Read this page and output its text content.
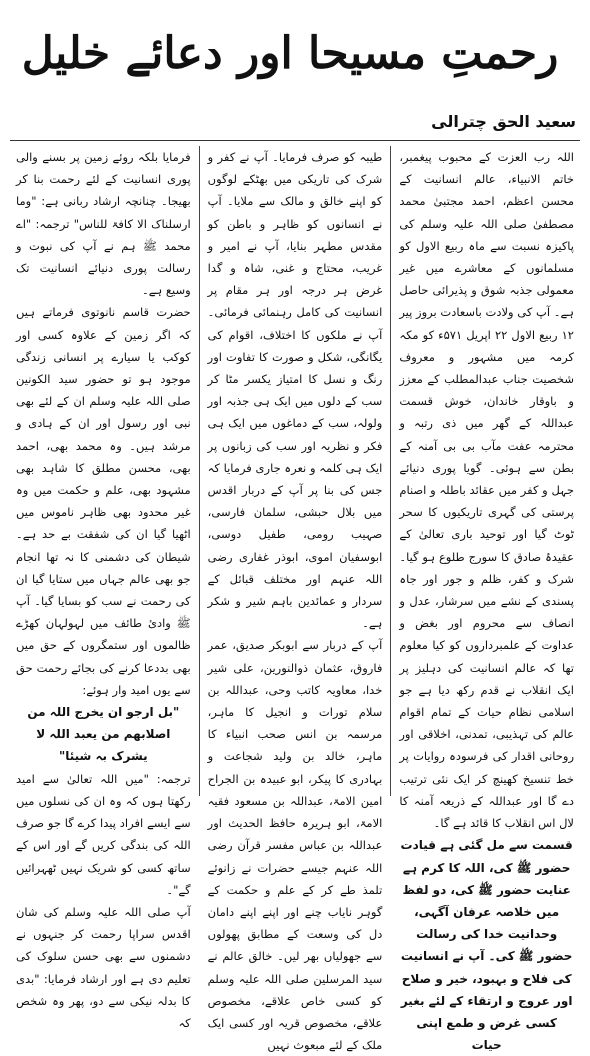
رحمتِ مسیحا اور دعائے خلیل
سعید الحق چترالی

اللہ رب العزت کے محبوب پیغمبر، خاتم الانبیاء، عالم انسانیت کے محسن اعظم، احمد مجتبیٰ محمد مصطفیٰ صلی اللہ علیہ وسلم کی پاکیزہ نسبت سے ماہ ربیع الاول کو مسلمانوں کے معاشرے میں غیر معمولی جذبہ شوق و پذیرائی حاصل ہے۔ آپ کی ولادت باسعادت بروز پیر ۱۲ ربیع الاول ۲۲ اپریل ۵۷۱ء کو مکہ کرمہ میں مشہور و معروف شخصیت جناب عبدالمطلب کے معزز و باوقار خاندان، خوش قسمت عبداللہ کے گھر میں ذی رتبہ و محترمہ عفت مآب بی بی آمنہ کے بطن سے ہوئی۔ گویا پوری دنیائے جہل و کفر میں عقائد باطلہ و اصنام پرستی کی گہری تاریکیوں کا سحر ٹوٹ گیا اور توحید باری تعالیٰ کے عقیدۂ صادق کا سورج طلوع ہو گیا۔ شرک و کفر، ظلم و جور اور جاہ پسندی کے نشے میں سرشار، عدل و انصاف سے محروم اور بغض و عداوت کے علمبرداروں کو کیا معلوم تھا کہ عالم انسانیت کی دہلیز پر ایک انقلاب نے قدم رکھ دیا ہے جو اسلامی نظام حیات کے تمام اقوام عالم کی تہذیبی، تمدنی، اخلاقی اور روحانی اقدار کی فرسودہ روایات پر خط تنسیخ کھینچ کر ایک نئی ترتیب دے گا اور عبداللہ کے ذریعہ آمنہ کا لال اس انقلاب کا قائد ہے گا۔

قسمت سے مل گئی ہے قیادت حضور ﷺ کی، اللہ کا کرم ہے عنایت حضور ﷺ کی، دو لفظ میں خلاصہ عرفان آگہی، وحدانیت خدا کی رسالت حضور ﷺ کی۔ آپ نے انسانیت کی فلاح و بہبود، خیر و صلاح اور عروج و ارتقاء کے لئے بغیر کسی غرض و طمع اپنی حیات

طیبہ کو صرف فرمایا۔ آپ نے کفر و شرک کی تاریکی میں بھٹکے لوگوں کو اپنے خالق و مالک سے ملایا۔ آپ نے انسانوں کو ظاہر و باطن کو مقدس مطہر بنایا، آپ نے امیر و غریب، محتاج و غنی، شاہ و گدا غرض ہر درجہ اور ہر مقام پر انسانیت کی کامل رہنمائی فرمائی۔ آپ نے ملکوں کا اختلاف، اقوام کی یگانگی، شکل و صورت کا تفاوت اور رنگ و نسل کا امتیاز یکسر مٹا کر سب کے دلوں میں ایک ہی جذبہ اور ولولہ، سب کے دماغوں میں ایک ہی فکر و نظریہ اور سب کی زبانوں پر ایک ہی کلمہ و نعرہ جاری فرمایا کہ جس کی بنا پر آپ کے دربار اقدس میں بلال حبشی، سلمان فارسی، صہیب رومی، طفیل دوسی، ابوسفیان اموی، ابوذر غفاری رضی اللہ عنہم اور مختلف قبائل کے سردار و عمائدین باہم شیر و شکر ہے۔

آپ کے دربار سے ابوبکر صدیق، عمر فاروق، عثمان ذوالنورین، علی شیر خدا، معاویہ کاتب وحی، عبداللہ بن سلام تورات و انجیل کا ماہر، مرسمہ بن انس صحب انبیاء کا ماہر، خالد بن ولید شجاعت و بہادری کا پیکر، ابو عبیدہ بن الجراح امین الامۃ، عبداللہ بن مسعود فقیہ الامۃ، ابو ہریرہ حافظ الحدیث اور عبداللہ بن عباس مفسر قرآن رضی اللہ عنہم جیسے حضرات نے زانوئے تلمذ طے کر کے علم و حکمت کے گوہر نایاب چنے اور اپنے اپنے دامان دل کی وسعت کے مطابق پھولوں سے جھولیاں بھر لیں۔ خالق عالم نے سید المرسلین صلی اللہ علیہ وسلم کو کسی خاص علاقے، مخصوص علاقے، مخصوص قریہ اور کسی ایک ملک کے لئے مبعوث نہیں

فرمایا بلکہ روئے زمین پر بسنے والی پوری انسانیت کے لئے رحمت بنا کر بھیجا۔ چنانچہ ارشاد ربانی ہے: "وما ارسلناک الا کافۃ للناس" ترجمہ: "اے محمد ﷺ ہم نے آپ کی نبوت و رسالت پوری دنیائے انسانیت تک وسیع ہے۔

حضرت قاسم نانوتوی فرماتے ہیں کہ اگر زمین کے علاوہ کسی اور کوکب یا سیارے پر انسانی زندگی موجود ہو تو حضور سید الکونین صلی اللہ علیہ وسلم ان کے لئے بھی نبی اور رسول اور ان کے ہادی و مرشد ہیں۔ وہ محمد بھی، احمد بھی، محسن مطلق کا شاہد بھی مشہود بھی، علم و حکمت میں وہ غیر محدود بھی ظاہر ناموس میں اٹھیا گیا ان کی شفقت بے حد ہے۔ شیطان کی دشمنی کا نہ تھا انجام جو بھی عالم جہاں میں ستایا گیا ان کی رحمت نے سب کو بسایا گیا۔ آپ ﷺ وادیٔ طائف میں لہولہان کھڑے ظالموں اور ستمگروں کے حق میں بھی بددعا کرنے کی بجائے رحمت حق سے یوں امید وار ہوئے:

"بل ارجو ان یخرج اللہ من اصلابھم من یعبد اللہ لا یشرک بہ شیئا"

ترجمہ: "میں اللہ تعالیٰ سے امید رکھتا ہوں کہ وہ ان کی نسلوں میں سے ایسے افراد پیدا کرے گا جو صرف اللہ کی بندگی کریں گے اور اس کے ساتھ کسی کو شریک نہیں ٹھہرائیں گے"۔

آپ صلی اللہ علیہ وسلم کی شان اقدس سراپا رحمت کر جنہوں نے دشمنوں سے بھی حسن سلوک کی تعلیم دی ہے اور ارشاد فرمایا: "بدی کا بدلہ نیکی سے دو، پھر وہ شخص کہ
